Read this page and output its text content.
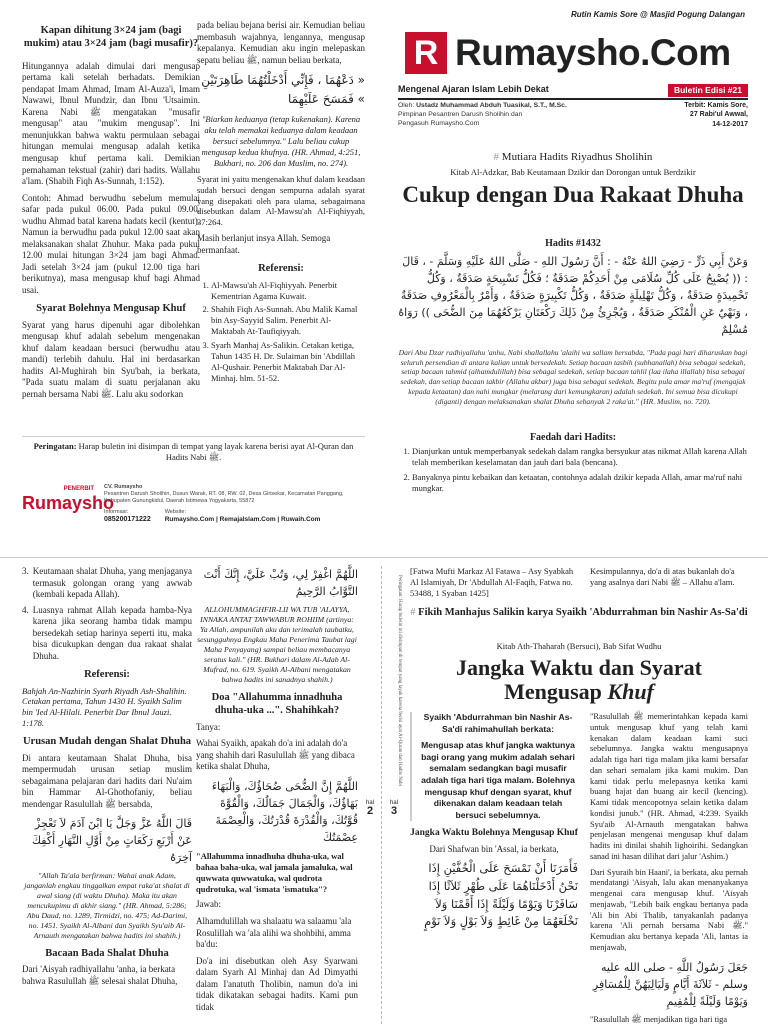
Kapan dihitung 3×24 jam (bagi mukim) atau 3×24 jam (bagi musafir)?

Hitungannya adalah dimulai dari mengusap pertama kali setelah berhadats. Demikian pendapat Imam Ahmad, Imam Al-Auza'i, Imam Nawawi, Ibnul Mundzir, dan Ibnu 'Utsaimin. Karena Nabi ﷺ mengatakan "musafir mengusap" atau "mukim mengusap". Ini menunjukkan bahwa waktu permulaan sebagai hitungan memulai mengusap adalah ketika mengusap khuf pertama kali. Demikian pemahaman tekstual (zahir) dari hadits. Wallahu a'lam. (Shabih Fiqh As-Sunnah, 1:152).

Contoh: Ahmad berwudhu sebelum memulai safar pada pukul 06.00. Pada pukul 09.00, wudhu Ahmad batal karena hadats kecil (kentut). Namun ia berwudhu pada pukul 12.00 saat akan melaksanakan shalat Zhuhur. Maka pada pukul 12.00 mulai hitungan 3×24 jam bagi Ahmad. Jadi setelah 3×24 jam (pukul 12.00 tiga hari berikutnya), masa mengusap khuf bagi Ahmad usai.

Syarat Bolehnya Mengusap Khuf

Syarat yang harus dipenuhi agar dibolehkan mengusap khuf adalah sebelum mengenakan khuf dalam keadaan bersuci (berwudhu atau mandi) terlebih dahulu. Hal ini berdasarkan hadits Al-Mughirah bin Syu'bah, ia berkata, "Pada suatu malam di suatu perjalanan aku pernah bersama Nabi ﷺ. Lalu aku sodorkan

pada beliau bejana berisi air. Kemudian beliau membasuh wajahnya, lengannya, mengusap kepalanya. Kemudian aku ingin melepaskan sepatu beliau ﷺ, namun beliau berkata,

« دَعْهُمَا ، فَإِنِّي أَدْخَلْتُهُمَا طَاهِرَتَيْنِ » فَمَسَحَ عَلَيْهِمَا

"Biarkan keduanya (tetap kukenakan). Karena aku telah memakai keduanya dalam keadaan bersuci sebelumnya." Lalu beliau cukup mengusap kedua khufnya. (HR. Ahmad, 4:251, Bukhari, no. 206 dan Muslim, no. 274).

Syarat ini yaitu mengenakan khuf dalam keadaan sudah bersuci dengan sempurna adalah syarat yang disepakati oleh para ulama, sebagaimana disebutkan dalam Al-Mawsu'ah Al-Fiqhiyyah, 37:264.

Masih berlanjut insya Allah. Semoga bermanfaat.

Referensi:
1. Al-Mawsu'ah Al-Fiqhiyyah. Penerbit Kementrian Agama Kuwait.
2. Shahih Fiqh As-Sunnah. Abu Malik Kamal bin Asy-Sayyid Salim. Penerbit Al-Maktabah At-Taufiqiyyah.
3. Syarh Manhaj As-Salikin. Cetakan ketiga, Tahun 1435 H. Dr. Sulaiman bin 'Abdillah Al-Qushair. Penerbit Maktabah Dar Al-Minhaj. hlm. 51-52.
Peringatan: Harap buletin ini disimpan di tempat yang layak karena berisi ayat Al-Quran dan Hadits Nabi ﷺ.
PENERBIT
Rumaysho
CV. Rumaysho
Pesantren Darush Sholihin, Dusun Warak, RT. 08, RW. 02, Desa Girisekar, Kecamatan Panggang, Kabupaten Gunungkidul, Daerah Istimewa Yogyakarta, 55872
Informasi:
085200171222
Website:
Rumaysho.Com | RemajaIslam.Com | Ruwaih.Com
Rutin Kamis Sore @ Masjid Pogung Dalangan
R Rumaysho.Com
Mengenal Ajaran Islam Lebih Dekat	Buletin Edisi #21
Oleh: Ustadz Muhammad Abduh Tuasikal, S.T., M.Sc.
Pimpinan Pesantren Darush Sholihin dan
Pengasuh Rumaysho.Com
Terbit: Kamis Sore,
27 Rabi'ul Awwal,
14-12-2017
# Mutiara Hadits Riyadhus Sholihin
Kitab Al-Adzkar, Bab Keutamaan Dzikir dan Dorongan untuk Berdzikir
Cukup dengan Dua Rakaat Dhuha
Hadits #1432
وَعَنْ أَبِي ذَرٍّ - رَضِيَ اللهُ عَنْهُ - : أَنَّ رَسُولَ اللهِ - صَلَّى اللهُ عَلَيْهِ وَسَلَّمَ - ، قَالَ : (( يُصْبِحُ عَلَى كُلِّ سُلَامَى مِنْ أَحَدِكُمْ صَدَقَةٌ ؛ فَكُلُّ تَسْبِيحَةٍ صَدَقَةٌ ، وَكُلُّ تَحْمِيدَةٍ صَدَقَةٌ ، وَكُلُّ تَهْلِيلَةٍ صَدَقَةٌ ، وَكُلُّ تَكْبِيرَةٍ صَدَقَةٌ ، وَأَمْرٌ بِالْمَعْرُوفِ صَدَقَةٌ ، وَنَهْيٌ عَنِ الْمُنْكَرِ صَدَقَةٌ ، وَيُجْزِئُ مِنْ ذَلِكَ رَكْعَتَانِ يَرْكَعُهُمَا مِنَ الضُّحَى )) رَوَاهُ مُسْلِمٌ
Dari Abu Dzar radhiyallahu 'anhu, Nabi shallallahu 'alaihi wa sallam bersabda, "Pada pagi hari diharuskan bagi seluruh persendian di antara kalian untuk bersedekah. Setiap bacaan tasbih (subhanallah) bisa sebagai sedekah, setiap bacaan tahmid (alhamdulillah) bisa sebagai sedekah, setiap bacaan tahlil (laa ilaha illallah) bisa sebagai sedekah, dan setiap bacaan takbir (Allahu akbar) juga bisa sebagai sedekah. Begitu pula amar ma'ruf (mengajak kepada ketaatan) dan nahi mungkar (melarang dari kemungkaran) adalah sedekah. Ini semua bisa dicukupi (diganti) dengan melaksanakan shalat Dhuha sebanyak 2 raka'at." (HR. Muslim, no. 720).
Faedah dari Hadits:
1. Dianjurkan untuk memperbanyak sedekah dalam rangka bersyukur atas nikmat Allah karena Allah telah memberikan keselamatan dan jauh dari bala (bencana).
2. Banyaknya pintu kebaikan dan ketaatan, contohnya adalah dzikir kepada Allah, amar ma'ruf nahi mungkar.
3. Keutamaan shalat Dhuha, yang menjaganya termasuk golongan orang yang awwab (kembali kepada Allah).
4. Luasnya rahmat Allah kepada hamba-Nya karena jika seorang hamba tidak mampu bersedekah setiap harinya seperti itu, maka bisa dicukupkan dengan dua rakaat shalat Dhuha.
Referensi:

Bahjah An-Nazhirin Syarh Riyadh Ash-Shalihin. Cetakan pertama, Tahun 1430 H. Syaikh Salim bin 'Ied Al-Hilali. Penerbit Dar Ibnul Jauzi. 1:178.

Urusan Mudah dengan Shalat Dhuha

Di antara keutamaan Shalat Dhuha, bisa mempermudah urusan setiap muslim sebagaimana pelajaran dari hadits dari Nu'aim bin Hammar Al-Ghothofaniy, beliau mendengar Rasulullah ﷺ bersabda,

قَالَ اللَّهُ عَزَّ وَجَلَّ يَا ابْنَ آدَمَ لاَ تَعْجِزْ عَنْ أَرْبَعِ رَكَعَاتٍ مِنْ أَوَّلِ النَّهَارِ أَكْفِكَ آخِرَهُ

"Allah Ta'ala berfirman: Wahai anak Adam, janganlah engkau tinggalkan empat raka'at shalat di awal siang (di waktu Dhuha). Maka itu akan mencukupimu di akhir siang." (HR. Ahmad, 5:286; Abu Daud, no. 1289, Tirmidzi, no. 475; Ad-Darimi, no. 1451. Syaikh Al-Albani dan Syaikh Syu'aib Al-Arnauth mengatakan bahwa hadits ini shahih.)

Bacaan Bada Shalat Dhuha

Dari 'Aisyah radhiyallahu 'anha, ia berkata bahwa Rasulullah ﷺ selesai shalat Dhuha,

اللَّهُمَّ اغْفِرْ لِي، وَتُبْ عَلَيَّ، إِنَّكَ أَنْتَ التَّوَّابُ الرَّحِيمُ

ALLOHUMMAGHFIR-LII WA TUB 'ALAYYA, INNAKA ANTAT TAWWABUR ROHIIM (artinya: Ya Allah, ampunilah aku dan terimalah taubatku, sesungguhnya Engkau Maha Penerima Taubat lagi Maha Penyayang) sampai beliau membacanya seratus kali." (HR. Bukhari dalam Al-Adab Al-Mufrad, no. 619. Syaikh Al-Albani mengatakan bahwa hadits ini sanadnya shahih.)

Doa "Allahumma innadhuha dhuha-uka ...". Shahihkah?

Tanya:

Wahai Syaikh, apakah do'a ini adalah do'a yang shahih dari Rasulullah ﷺ yang dibaca ketika shalat Dhuha,

اللَّهُمَّ إِنَّ الضُّحَى ضُحَاؤُكَ، وَالْبَهَاءَ بَهَاؤُكَ، وَالْجَمَالَ جَمَالُكَ، وَالْقُوَّةَ قُوَّتُكَ، وَالْقُدْرَةَ قُدْرَتُكَ، وَالْعِصْمَةَ عِصْمَتُكَ

"Allahumma innadhuha dhuha-uka, wal bahaa baha-uka, wal jamala jamaluka, wal quwwata quwwatuka, wal qudrota qudrotuka, wal 'ismata 'ismatuka"?

Jawab:

Alhamdulillah wa shalaatu wa salaamu 'ala Rosulillah wa 'ala alihi wa shohbihi, amma ba'du:

Do'a ini disebutkan oleh Asy Syarwani dalam Syarh Al Minhaj dan Ad Dimyathi dalam I'anatuth Tholibin, namun do'a ini tidak dikatakan sebagai hadits. Kami pun tidak

hal
2
hal
3
Peringatan: Harap buletin ini disimpan di tempat yang layak karena berisi ayat Al-Quran dan Hadits Nabi

[Fatwa Mufti Markaz Al Fatawa – Asy Syabkah Al Islamiyah, Dr 'Abdullah Al-Faqih, Fatwa no. 53488, 1 Syaban 1425]

Kesimpulannya, do'a di atas bukanlah do'a yang asalnya dari Nabi ﷺ – Allahu a'lam.

# Fikih Manhajus Salikin karya Syaikh 'Abdurrahman bin Nashir As-Sa'di
Kitab Ath-Thaharah (Bersuci), Bab Sifat Wudhu
Jangka Waktu dan Syarat Mengusap Khuf

Syaikh 'Abdurrahman bin Nashir As-Sa'di rahimahullah berkata:

Mengusap atas khuf jangka waktunya bagi orang yang mukim adalah sehari semalam sedangkan bagi musafir adalah tiga hari tiga malam. Bolehnya mengusap khuf dengan syarat, khuf dikenakan dalam keadaan telah bersuci sebelumnya.

Jangka Waktu Bolehnya Mengusap Khuf

Dari Shafwan bin 'Assal, ia berkata,

فَأَمَرَنَا أَنْ نَمْسَحَ عَلَى الْخُفَّيْنِ إِذَا نَحْنُ أَدْخَلْنَاهُمَا عَلَى طُهْرٍ ثَلاَثًا إِذَا سَافَرْنَا وَيَوْمًا وَلَيْلَةً إِذَا أَقَمْنَا وَلاَ نَخْلَعَهُمَا مِنْ غَائِطٍ وَلاَ بَوْلٍ وَلاَ نَوْمٍ

"Rasulullah ﷺ memerintahkan kepada kami untuk mengusap khuf yang telah kami kenakan dalam keadaan kami suci sebelumnya. Jangka waktu mengusapnya adalah tiga hari tiga malam jika kami bersafar dan sehari semalam jika kami mukim. Dan kami tidak perlu melepasnya ketika kami buang hajat dan buang air kecil (kencing). Kami tidak mencopotnya selain ketika dalam kondisi junub." (HR. Ahmad, 4:239. Syaikh Syu'aib Al-Arnauth mengatakan bahwa penjelasan mengenai mengusap khuf dalam hadits ini dinilai shahih lighoirihi. Sedangkan sanad ini hasan dilihat dari jalur 'Ashim.)

Dari Syuraih bin Haani', ia berkata, aku pernah mendatangi 'Aisyah, lalu akan menanyakanya mengenai cara mengusap khuf. 'Aisyah menjawab, "Lebih baik engkau bertanya pada 'Ali bin Abi Thalib, tanyakanlah padanya karena 'Ali pernah bersama Nabi ﷺ." Kemudian aku bertanya kepada 'Ali, lantas ia menjawab,

جَعَلَ رَسُولُ اللَّهِ - صلى الله عليه وسلم - ثَلاَثَةَ أَيَّامٍ وَلَيَالِيَهُنَّ لِلْمُسَافِرِ وَيَوْمًا وَلَيْلَةً لِلْمُقِيمِ

"Rasulullah ﷺ menjadikan tiga hari tiga
